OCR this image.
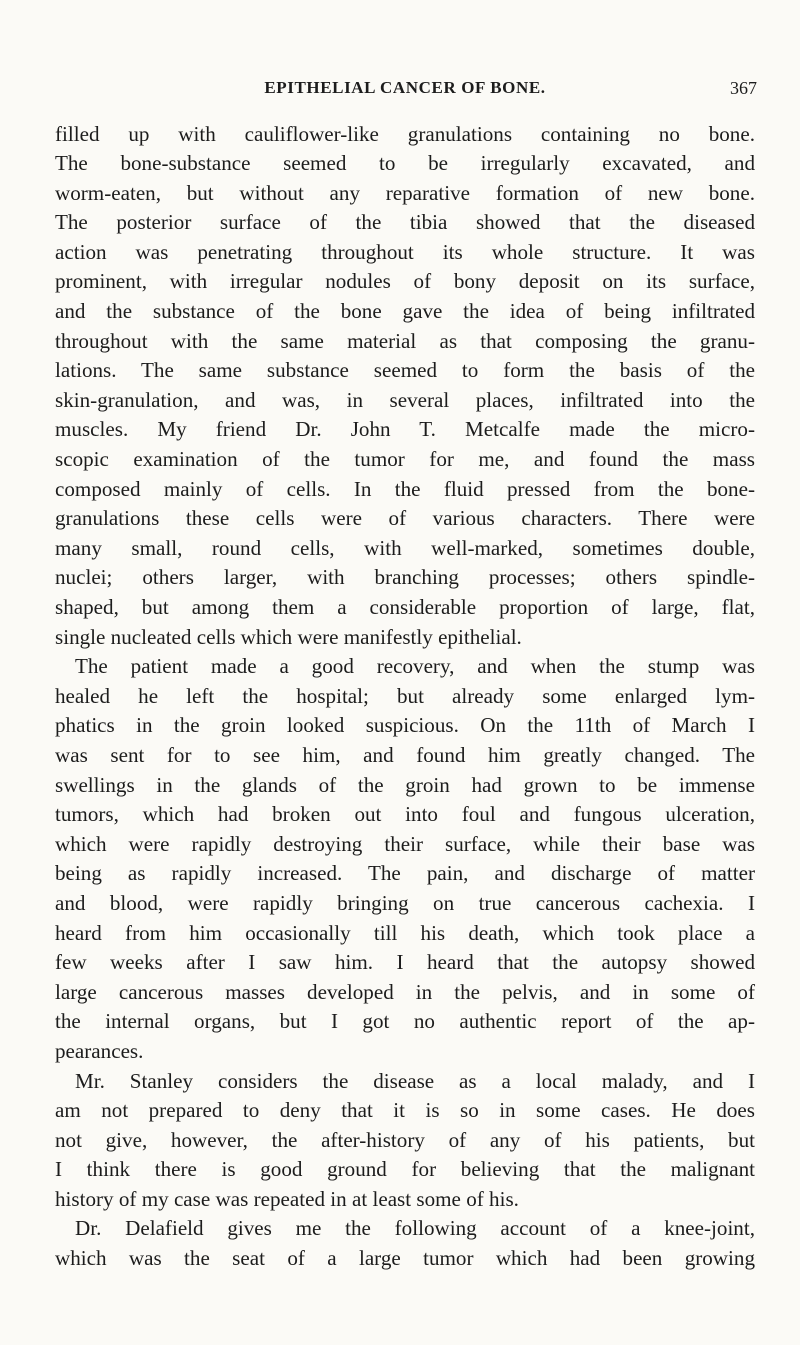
EPITHELIAL CANCER OF BONE.	367

filled up with cauliflower-like granulations containing no bone.
The bone-substance seemed to be irregularly excavated, and
worm-eaten, but without any reparative formation of new bone.
The posterior surface of the tibia showed that the diseased
action was penetrating throughout its whole structure. It was
prominent, with irregular nodules of bony deposit on its surface,
and the substance of the bone gave the idea of being infiltrated
throughout with the same material as that composing the granu-
lations. The same substance seemed to form the basis of the
skin-granulation, and was, in several places, infiltrated into the
muscles. My friend Dr. John T. Metcalfe made the micro-
scopic examination of the tumor for me, and found the mass
composed mainly of cells. In the fluid pressed from the bone-
granulations these cells were of various characters. There were
many small, round cells, with well-marked, sometimes double,
nuclei; others larger, with branching processes; others spindle-
shaped, but among them a considerable proportion of large, flat,
single nucleated cells which were manifestly epithelial.

The patient made a good recovery, and when the stump was
healed he left the hospital; but already some enlarged lym-
phatics in the groin looked suspicious. On the 11th of March I
was sent for to see him, and found him greatly changed. The
swellings in the glands of the groin had grown to be immense
tumors, which had broken out into foul and fungous ulceration,
which were rapidly destroying their surface, while their base was
being as rapidly increased. The pain, and discharge of matter
and blood, were rapidly bringing on true cancerous cachexia. I
heard from him occasionally till his death, which took place a
few weeks after I saw him. I heard that the autopsy showed
large cancerous masses developed in the pelvis, and in some of
the internal organs, but I got no authentic report of the ap-
pearances.

Mr. Stanley considers the disease as a local malady, and I
am not prepared to deny that it is so in some cases. He does
not give, however, the after-history of any of his patients, but
I think there is good ground for believing that the malignant
history of my case was repeated in at least some of his.

Dr. Delafield gives me the following account of a knee-joint,
which was the seat of a large tumor which had been growing
